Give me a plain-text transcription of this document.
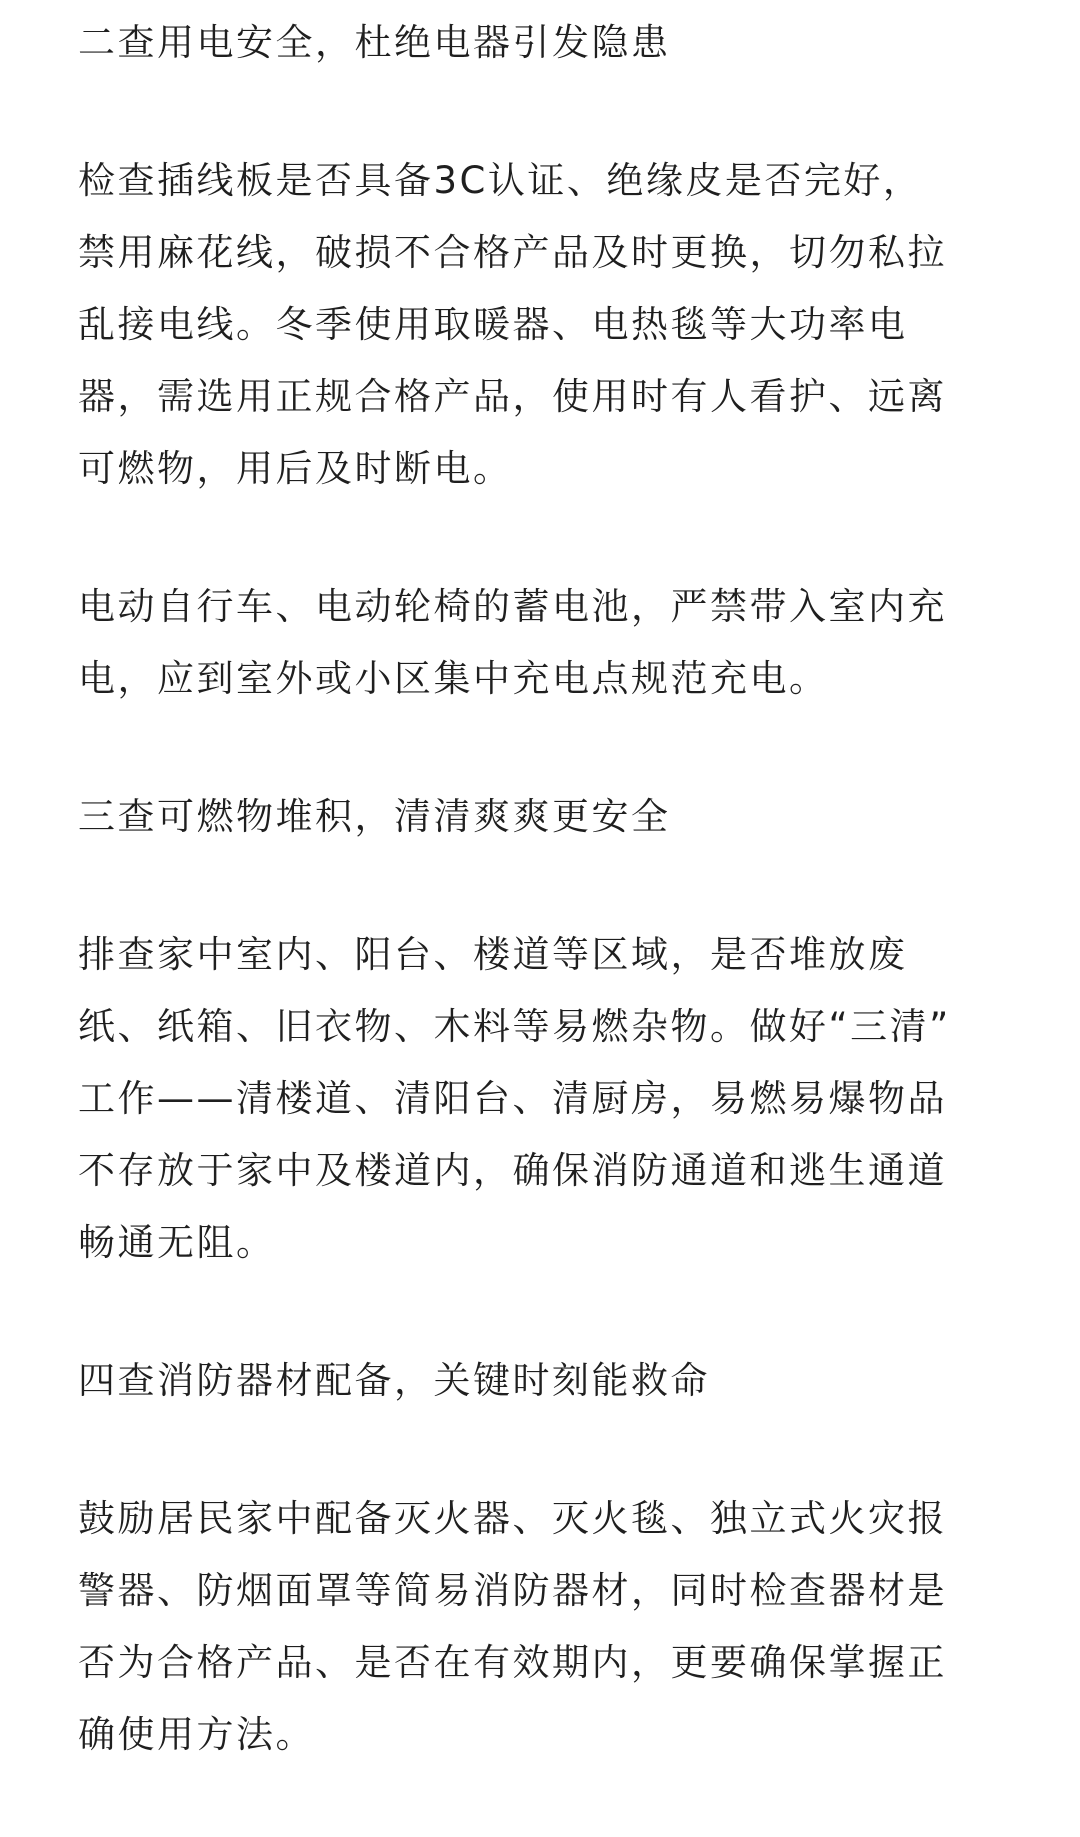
二查用电安全，杜绝电器引发隐患
检查插线板是否具备3C认证、绝缘皮是否完好，
禁用麻花线，破损不合格产品及时更换，切勿私拉
乱接电线。冬季使用取暖器、电热毯等大功率电
器，需选用正规合格产品，使用时有人看护、远离
可燃物，用后及时断电。
电动自行车、电动轮椅的蓄电池，严禁带入室内充
电，应到室外或小区集中充电点规范充电。
三查可燃物堆积，清清爽爽更安全
排查家中室内、阳台、楼道等区域，是否堆放废
纸、纸箱、旧衣物、木料等易燃杂物。做好“三清”
工作——清楼道、清阳台、清厨房，易燃易爆物品
不存放于家中及楼道内，确保消防通道和逃生通道
畅通无阻。
四查消防器材配备，关键时刻能救命
鼓励居民家中配备灭火器、灭火毯、独立式火灾报
警器、防烟面罩等简易消防器材，同时检查器材是
否为合格产品、是否在有效期内，更要确保掌握正
确使用方法。
